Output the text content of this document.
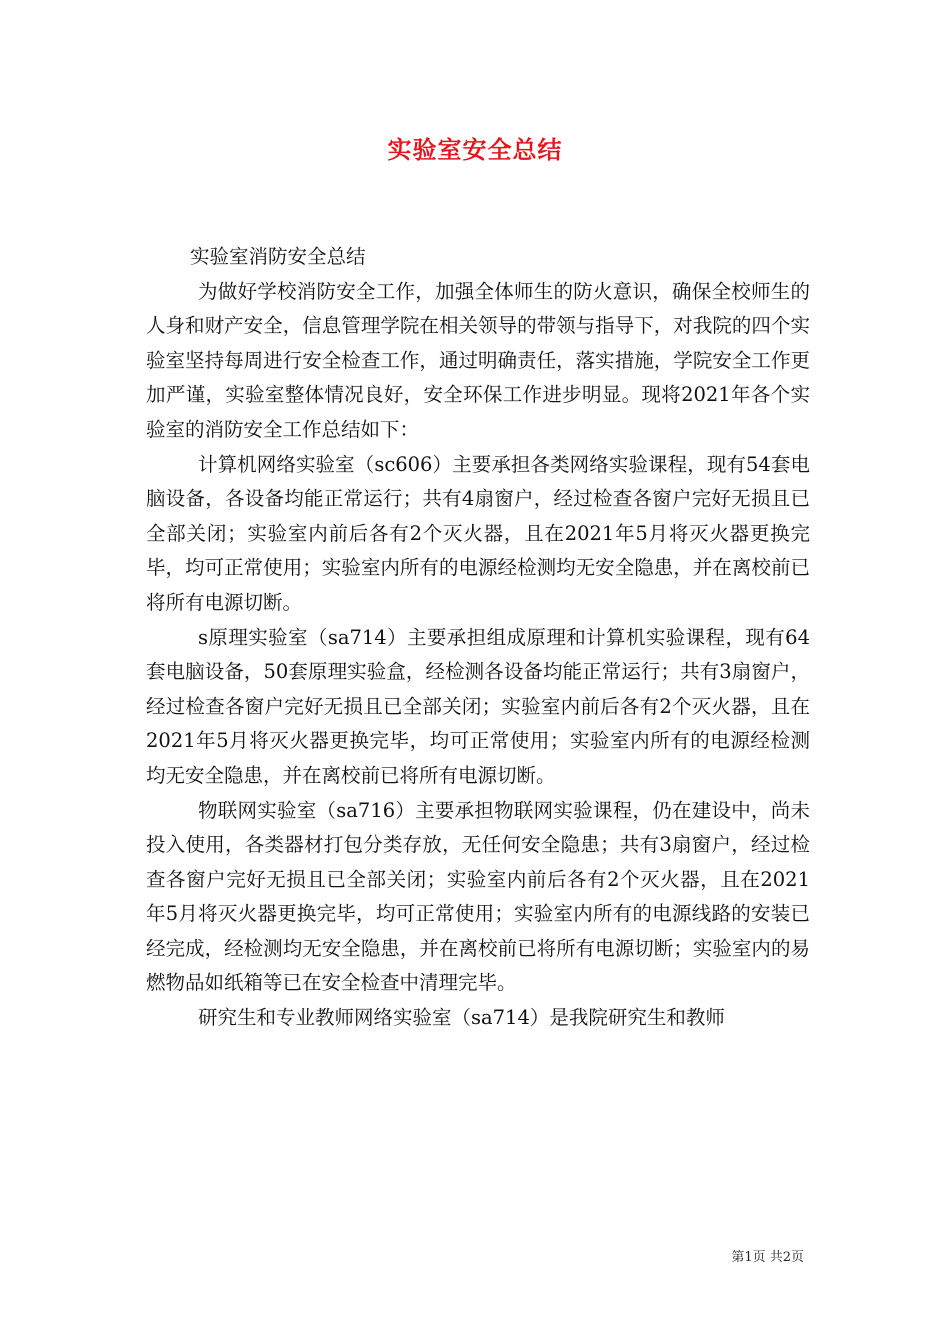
实验室安全总结

实验室消防安全总结

为做好学校消防安全工作，加强全体师生的防火意识，确保全校师生的人身和财产安全，信息管理学院在相关领导的带领与指导下，对我院的四个实验室坚持每周进行安全检查工作，通过明确责任，落实措施，学院安全工作更加严谨，实验室整体情况良好，安全环保工作进步明显。现将2021年各个实验室的消防安全工作总结如下：

计算机网络实验室（sc606）主要承担各类网络实验课程，现有54套电脑设备，各设备均能正常运行；共有4扇窗户，经过检查各窗户完好无损且已全部关闭；实验室内前后各有2个灭火器，且在2021年5月将灭火器更换完毕，均可正常使用；实验室内所有的电源经检测均无安全隐患，并在离校前已将所有电源切断。

s原理实验室（sa714）主要承担组成原理和计算机实验课程，现有64套电脑设备，50套原理实验盒，经检测各设备均能正常运行；共有3扇窗户，经过检查各窗户完好无损且已全部关闭；实验室内前后各有2个灭火器，且在2021年5月将灭火器更换完毕，均可正常使用；实验室内所有的电源经检测均无安全隐患，并在离校前已将所有电源切断。

物联网实验室（sa716）主要承担物联网实验课程，仍在建设中，尚未投入使用，各类器材打包分类存放，无任何安全隐患；共有3扇窗户，经过检查各窗户完好无损且已全部关闭；实验室内前后各有2个灭火器，且在2021年5月将灭火器更换完毕，均可正常使用；实验室内所有的电源线路的安装已经完成，经检测均无安全隐患，并在离校前已将所有电源切断；实验室内的易燃物品如纸箱等已在安全检查中清理完毕。

研究生和专业教师网络实验室（sa714）是我院研究生和教师

第1页 共2页
